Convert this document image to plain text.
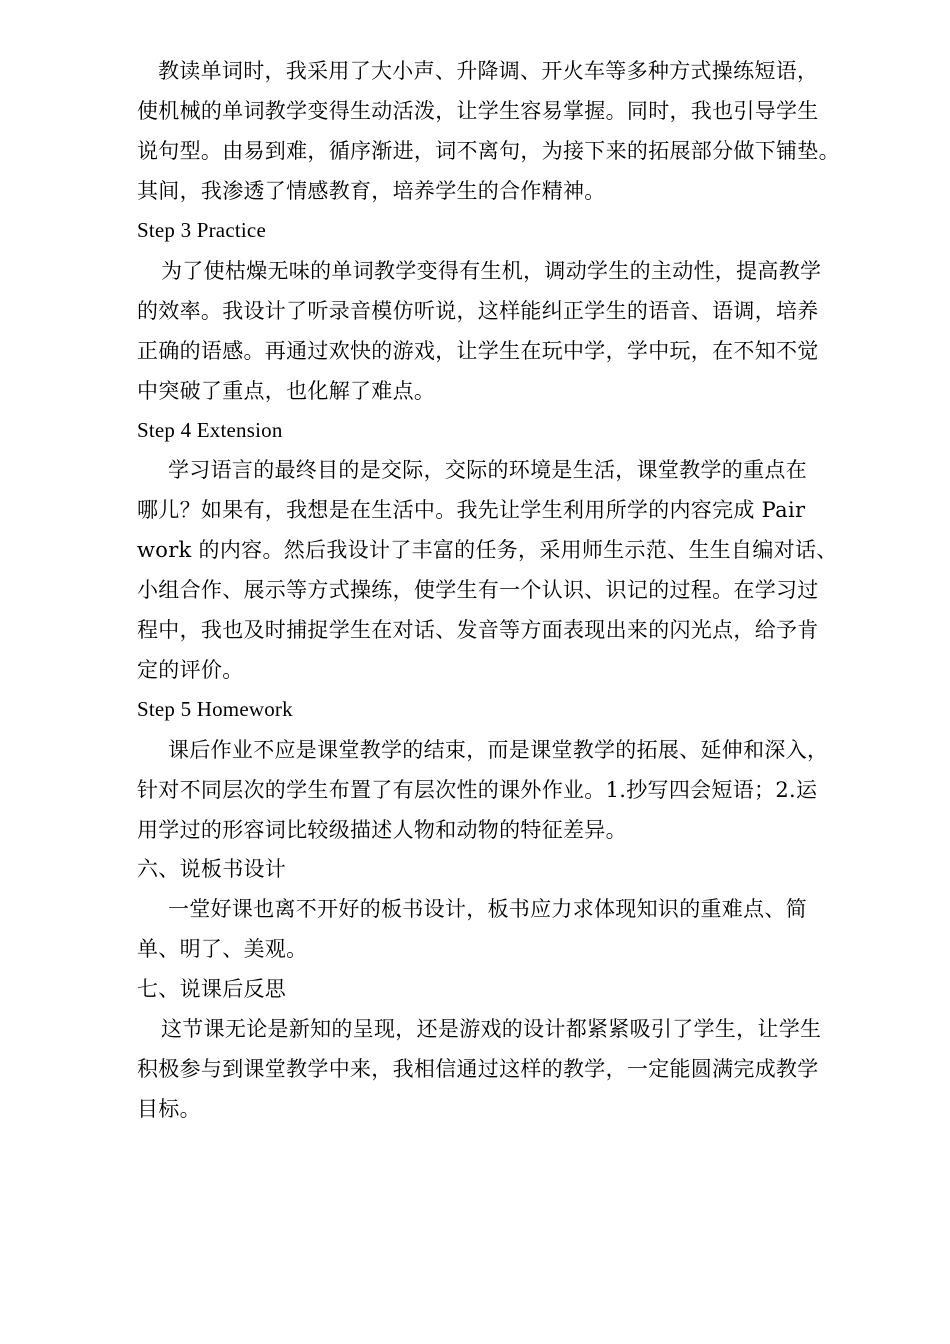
教读单词时，我采用了大小声、升降调、开火车等多种方式操练短语，
使机械的单词教学变得生动活泼，让学生容易掌握。同时，我也引导学生
说句型。由易到难，循序渐进，词不离句，为接下来的拓展部分做下铺垫。
其间，我渗透了情感教育，培养学生的合作精神。
Step 3 Practice
为了使枯燥无味的单词教学变得有生机，调动学生的主动性，提高教学
的效率。我设计了听录音模仿听说，这样能纠正学生的语音、语调，培养
正确的语感。再通过欢快的游戏，让学生在玩中学，学中玩，在不知不觉
中突破了重点，也化解了难点。
Step 4 Extension
学习语言的最终目的是交际，交际的环境是生活，课堂教学的重点在
哪儿？如果有，我想是在生活中。我先让学生利用所学的内容完成 Pair
work 的内容。然后我设计了丰富的任务，采用师生示范、生生自编对话、
小组合作、展示等方式操练，使学生有一个认识、识记的过程。在学习过
程中，我也及时捕捉学生在对话、发音等方面表现出来的闪光点，给予肯
定的评价。
Step 5 Homework
课后作业不应是课堂教学的结束，而是课堂教学的拓展、延伸和深入，
针对不同层次的学生布置了有层次性的课外作业。1.抄写四会短语；2.运
用学过的形容词比较级描述人物和动物的特征差异。
六、说板书设计
一堂好课也离不开好的板书设计，板书应力求体现知识的重难点、简
单、明了、美观。
七、说课后反思
这节课无论是新知的呈现，还是游戏的设计都紧紧吸引了学生，让学生
积极参与到课堂教学中来，我相信通过这样的教学，一定能圆满完成教学
目标。
